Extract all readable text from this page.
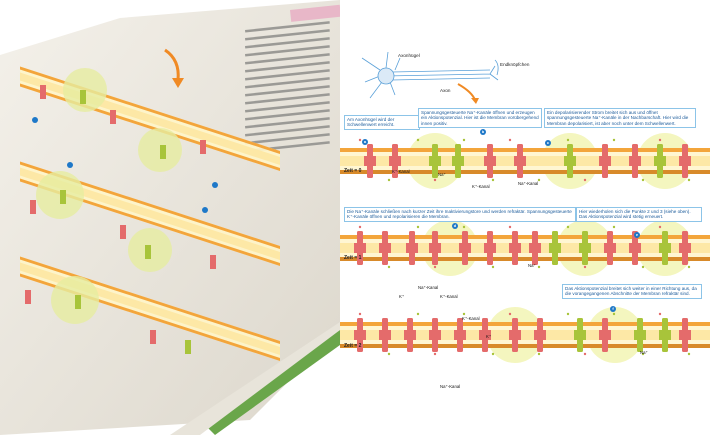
Axonhügel
Endknöpfchen
Axon
Am Axonhügel wird der Schwellenwert erreicht.
a
Spannungsgesteuerte Na⁺-Kanäle öffnen und erzeugen ein Aktionspotenzial. Hier ist die Membran vorübergehend innen positiv.
b
Ein depolarisierender Strom breitet sich aus und öffnet spannungsgesteuerte Na⁺-Kanäle in der Nachbarschaft. Hier wird die Membran depolarisiert, ist aber noch unter dem Schwellenwert.
c
Die Na⁺-Kanäle schließen nach kurzer Zeit ihre Inaktivierungstore und werden refraktär. Spannungsgesteuerte K⁺-Kanäle öffnen und repolarisieren die Membran.
d
Hier wiederholen sich die Punkte 2 und 3 (siehe oben). Das Aktionspotenzial wird stetig erneuert.
e
Das Aktionspotenzial breitet sich weiter in einer Richtung aus, da die vorangegangenen Abschnitte der Membran refraktär sind.
f
Zeit = 0
Zeit = 1
Zeit = 2
K⁺-Kanal
Na⁺
K⁺-Kanal
Na⁺-Kanal
Na⁺-Kanal
K⁺	K⁺-Kanal
Na⁺
K⁺-Kanal
K⁺
Na⁺-Kanal
Na⁺
